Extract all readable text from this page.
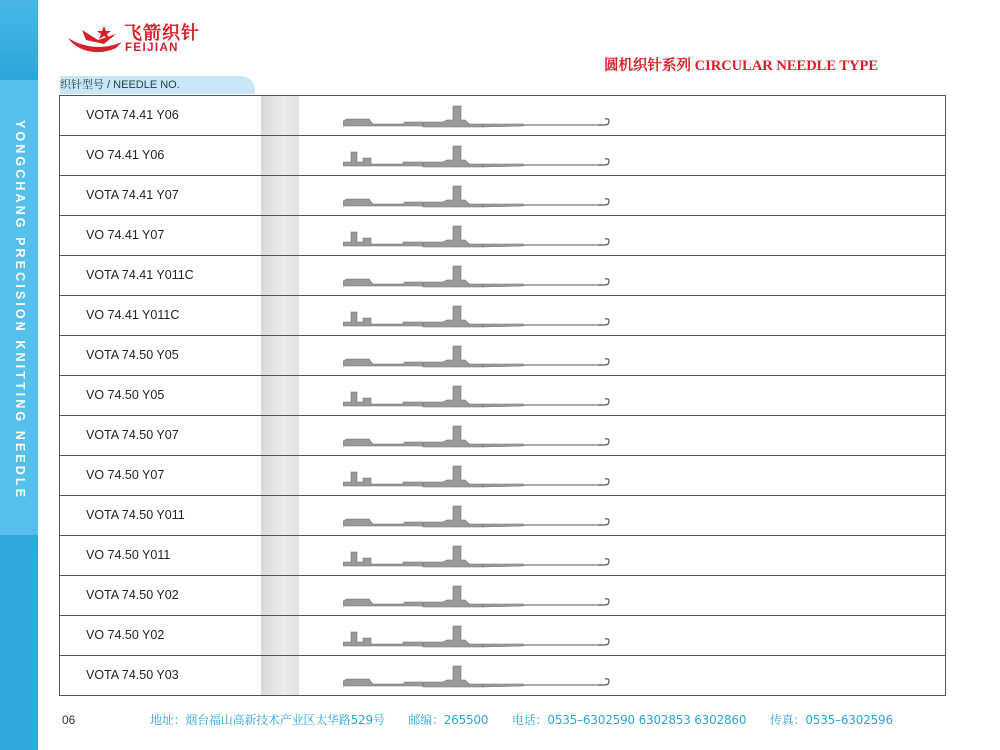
YONGCHANG PRECISION KNITTING NEEDLE
飞箭织针
FEIJIAN
圆机织针系列 CIRCULAR NEEDLE TYPE
织针型号 / NEEDLE NO.
VOTA 74.41 Y06
VO 74.41 Y06
VOTA 74.41 Y07
VO 74.41 Y07
VOTA 74.41 Y011C
VO 74.41 Y011C
VOTA 74.50 Y05
VO 74.50 Y05
VOTA 74.50 Y07
VO 74.50 Y07
VOTA 74.50 Y011
VO 74.50 Y011
VOTA 74.50 Y02
VO 74.50 Y02
VOTA 74.50 Y03
06	地址：烟台福山高新技术产业区太华路529号 邮编：265500 电话：0535–6302590 6302853 6302860 传真：0535–6302596
